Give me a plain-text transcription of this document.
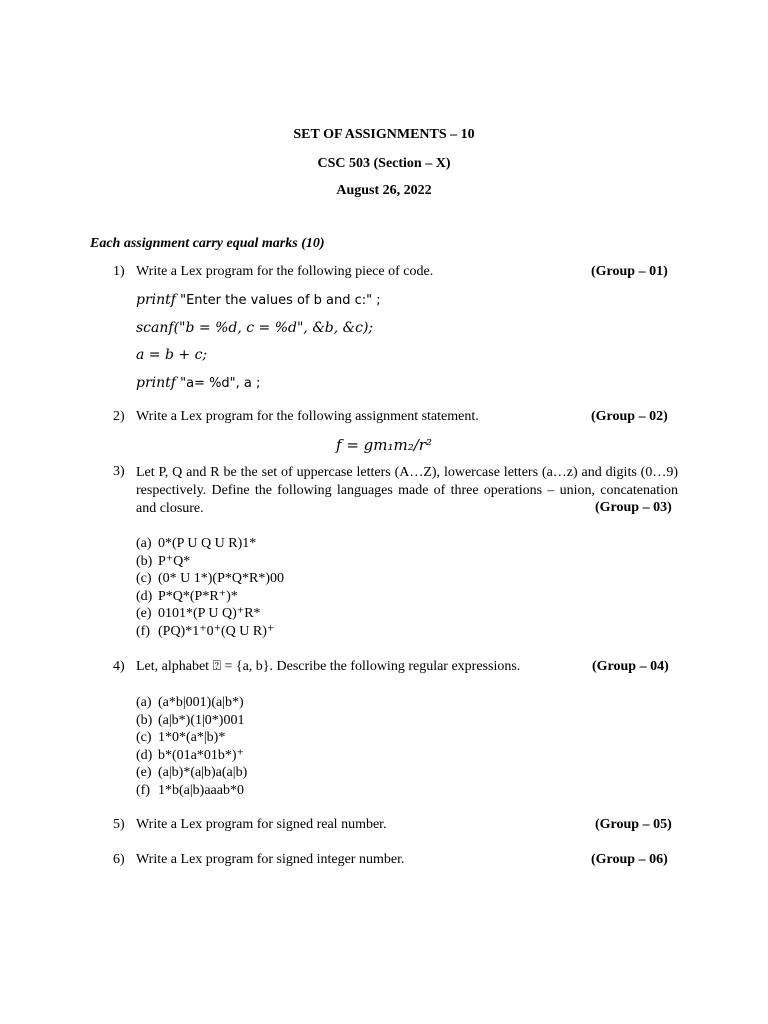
SET OF ASSIGNMENTS – 10
CSC 503 (Section – X)
August 26, 2022
Each assignment carry equal marks (10)
1) Write a Lex program for the following piece of code.	(Group – 01)
printf "Enter the values of b and c:" ;
scanf("b = %d, c = %d", &b, &c);
a = b + c;
printf "a= %d", a ;
2) Write a Lex program for the following assignment statement.	(Group – 02)
f = gm₁m₂/r²
3) Let P, Q and R be the set of uppercase letters (A…Z), lowercase letters (a…z) and digits (0…9) respectively. Define the following languages made of three operations – union, concatenation and closure.	(Group – 03)
(a) 0*(P U Q U R)1*
(b) P⁺Q*
(c) (0* U 1*)(P*Q*R*)00
(d) P*Q*(P*R⁺)*
(e) 0101*(P U Q)⁺R*
(f) (PQ)*1⁺0⁺(Q U R)⁺
4) Let, alphabet ⍰ = {a, b}. Describe the following regular expressions.	(Group – 04)
(a) (a*b|001)(a|b*)
(b) (a|b*)(1|0*)001
(c) 1*0*(a*|b)*
(d) b*(01a*01b*)⁺
(e) (a|b)*(a|b)a(a|b)
(f) 1*b(a|b)aaab*0
5) Write a Lex program for signed real number.	(Group – 05)
6) Write a Lex program for signed integer number.	(Group – 06)
